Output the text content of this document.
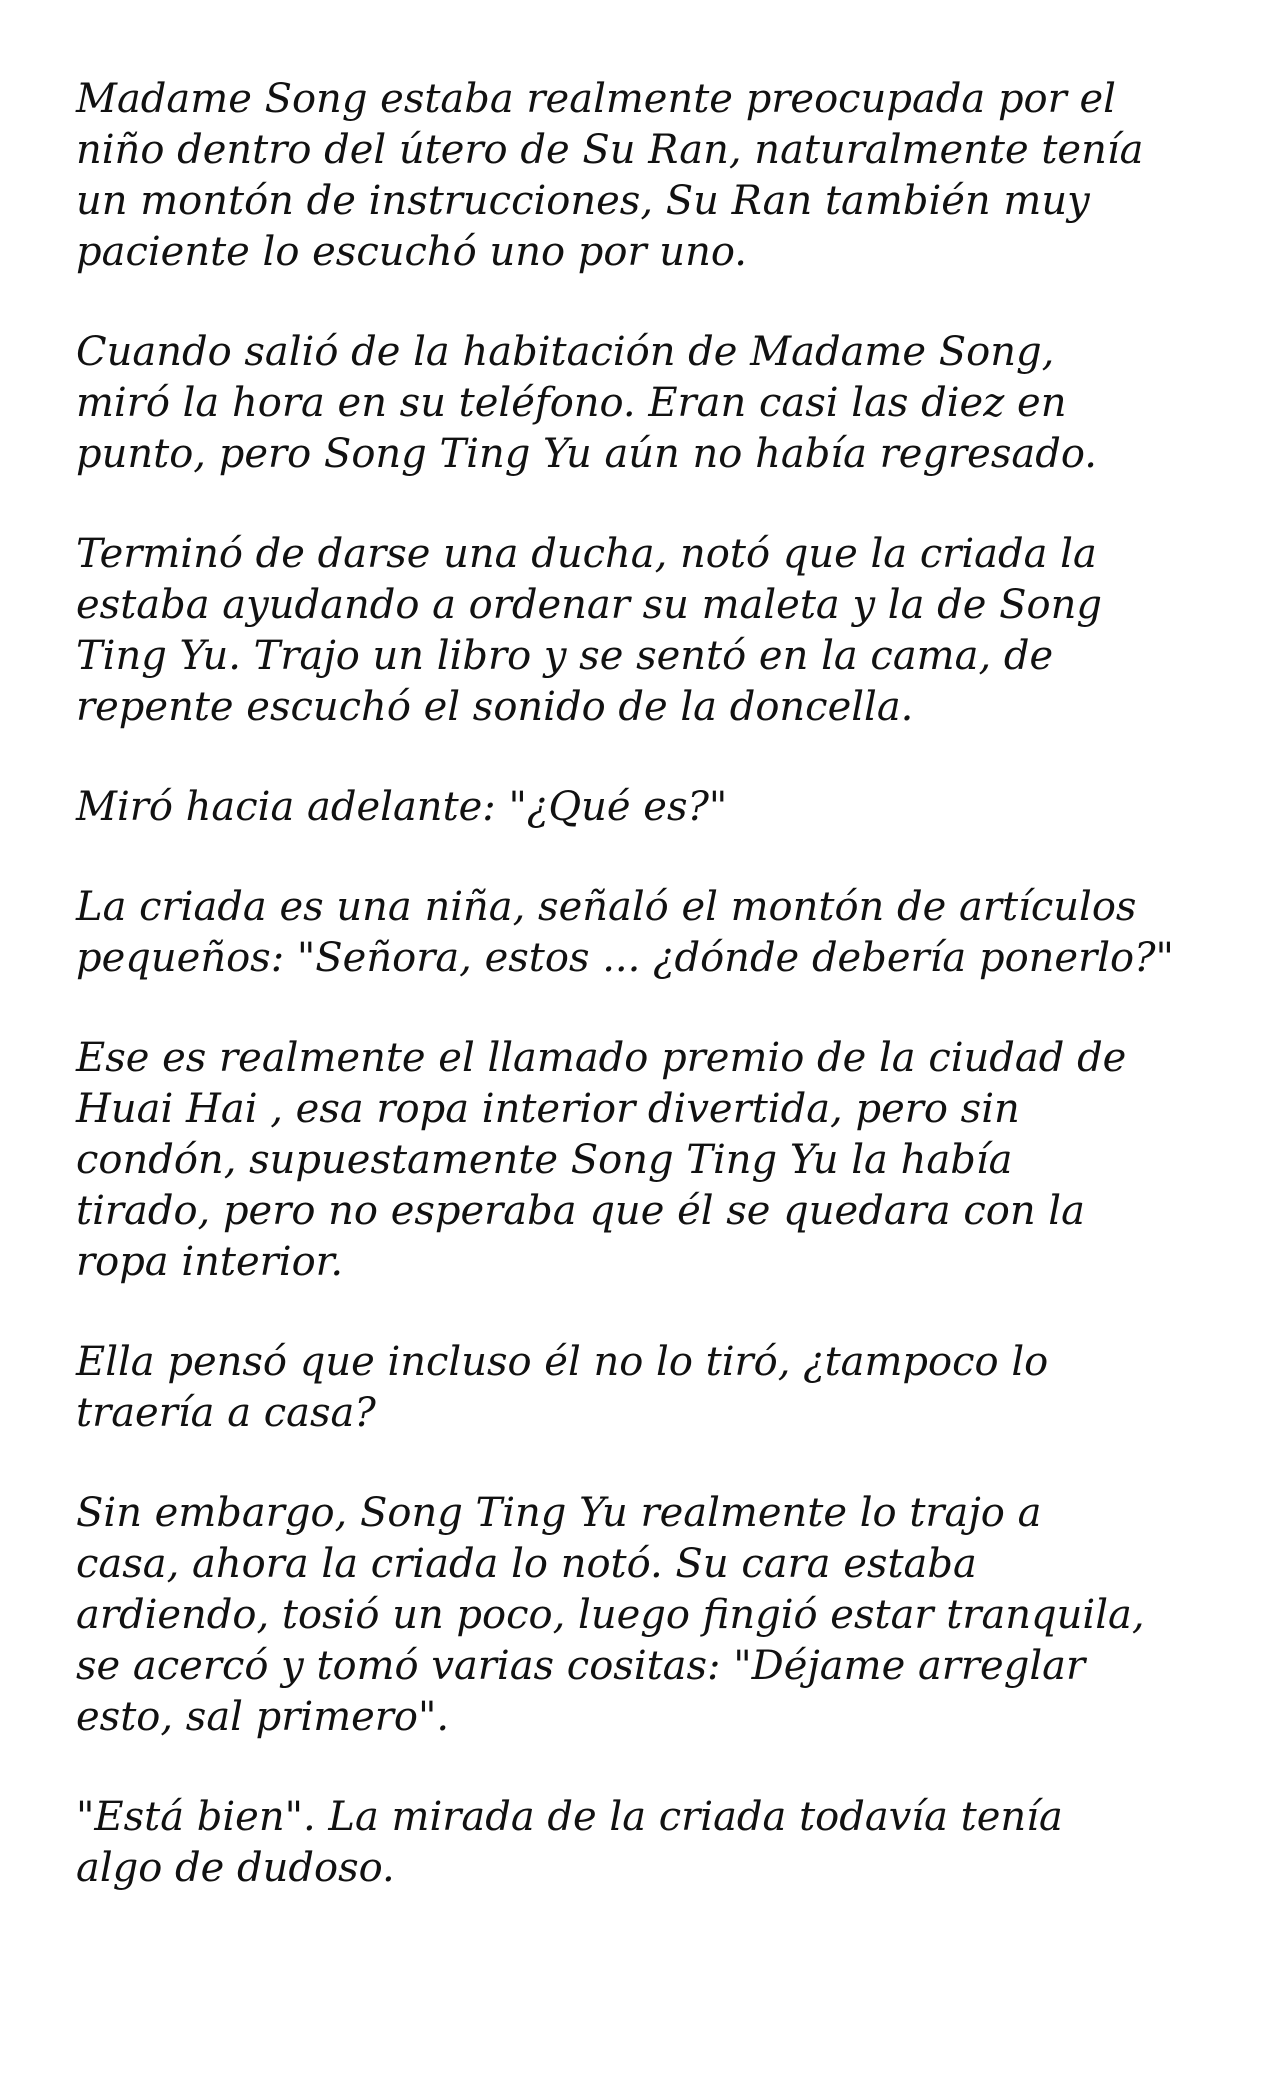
Madame Song estaba realmente preocupada por el
niño dentro del útero de Su Ran, naturalmente tenía
un montón de instrucciones, Su Ran también muy
paciente lo escuchó uno por uno.

Cuando salió de la habitación de Madame Song,
miró la hora en su teléfono. Eran casi las diez en
punto, pero Song Ting Yu aún no había regresado.

Terminó de darse una ducha, notó que la criada la
estaba ayudando a ordenar su maleta y la de Song
Ting Yu. Trajo un libro y se sentó en la cama, de
repente escuchó el sonido de la doncella.

Miró hacia adelante: "¿Qué es?"

La criada es una niña, señaló el montón de artículos
pequeños: "Señora, estos ... ¿dónde debería ponerlo?"

Ese es realmente el llamado premio de la ciudad de
Huai Hai , esa ropa interior divertida, pero sin
condón, supuestamente Song Ting Yu la había
tirado, pero no esperaba que él se quedara con la
ropa interior.

Ella pensó que incluso él no lo tiró, ¿tampoco lo
traería a casa?

Sin embargo, Song Ting Yu realmente lo trajo a
casa, ahora la criada lo notó. Su cara estaba
ardiendo, tosió un poco, luego fingió estar tranquila,
se acercó y tomó varias cositas: "Déjame arreglar
esto, sal primero".

"Está bien". La mirada de la criada todavía tenía
algo de dudoso.
